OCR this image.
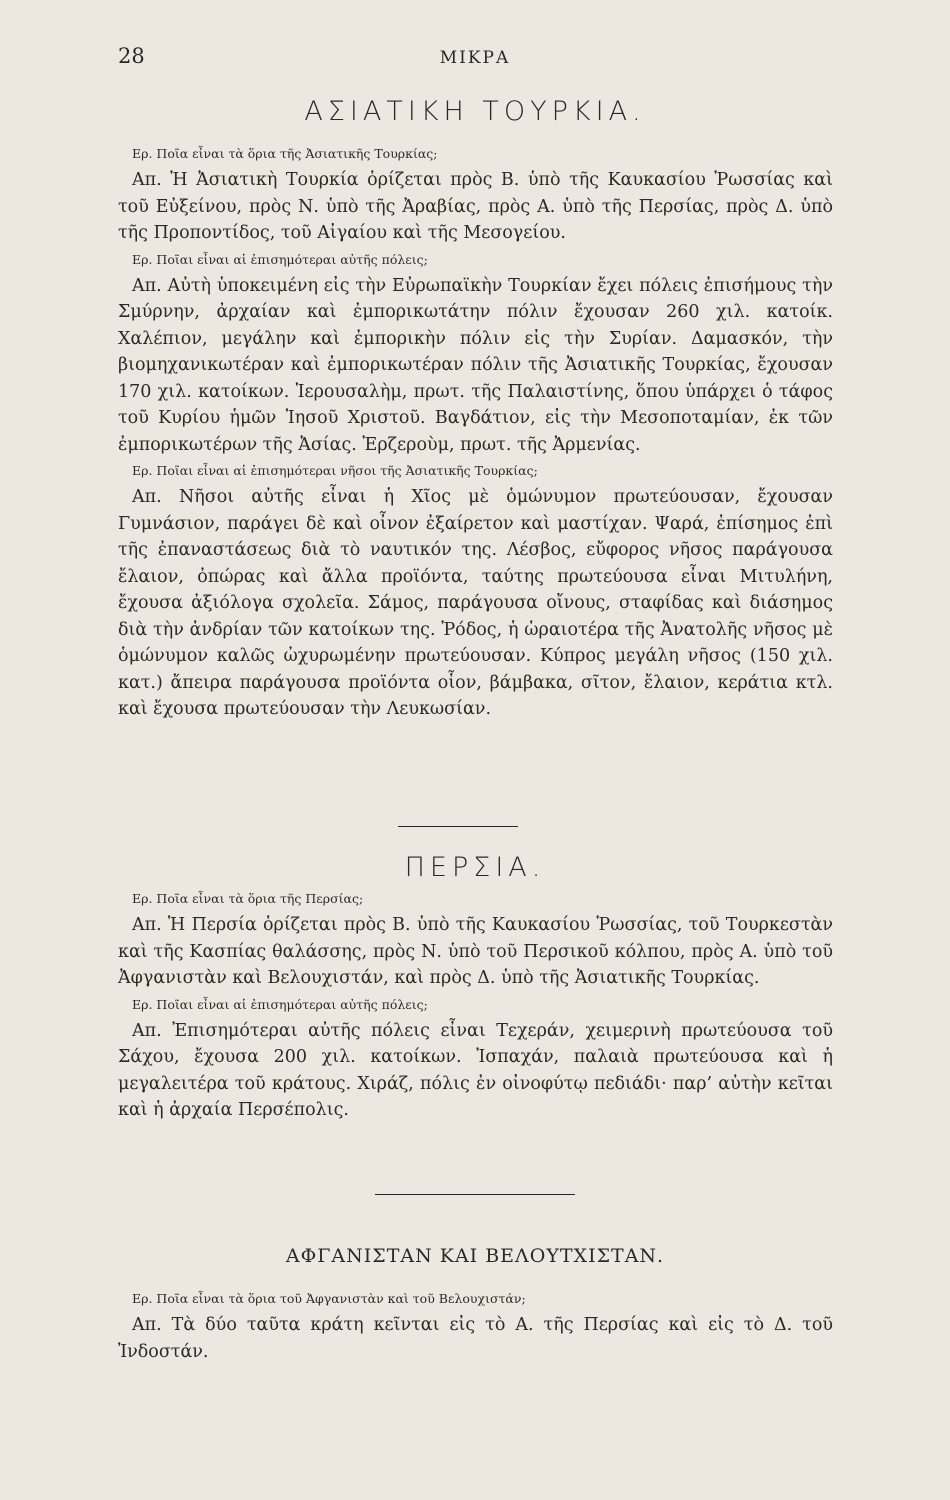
28	ΜΙΚΡΑ
ΑΣΙΑΤΙΚΗ ΤΟΥΡΚΙΑ.

Ερ. Ποῖα εἶναι τὰ ὅρια τῆς Ἀσιατικῆς Τουρκίας;

Απ. Ἡ Ἀσιατικὴ Τουρκία ὁρίζεται πρὸς Β. ὑπὸ τῆς Καυκασίου Ῥωσσίας καὶ τοῦ Εὐξείνου, πρὸς Ν. ὑπὸ τῆς Ἀραβίας, πρὸς Α. ὑπὸ τῆς Περσίας, πρὸς Δ. ὑπὸ τῆς Προποντίδος, τοῦ Αἰγαίου καὶ τῆς Μεσογείου.

Ερ. Ποῖαι εἶναι αἱ ἐπισημότεραι αὐτῆς πόλεις;

Απ. Αὐτὴ ὑποκειμένη εἰς τὴν Εὐρωπαϊκὴν Τουρκίαν ἔχει πόλεις ἐπισήμους τὴν Σμύρνην, ἀρχαίαν καὶ ἐμπορικωτάτην πόλιν ἔχουσαν 260 χιλ. κατοίκ. Χαλέπιον, μεγάλην καὶ ἐμπορικὴν πόλιν εἰς τὴν Συρίαν. Δαμασκόν, τὴν βιομηχανικωτέραν καὶ ἐμπορικωτέραν πόλιν τῆς Ἀσιατικῆς Τουρκίας, ἔχουσαν 170 χιλ. κατοίκων. Ἱερουσαλὴμ, πρωτ. τῆς Παλαιστίνης, ὅπου ὑπάρχει ὁ τάφος τοῦ Κυρίου ἡμῶν Ἰησοῦ Χριστοῦ. Βαγδάτιον, εἰς τὴν Μεσοποταμίαν, ἐκ τῶν ἐμπορικωτέρων τῆς Ἀσίας. Ἐρζεροὺμ, πρωτ. τῆς Ἀρμενίας.

Ερ. Ποῖαι εἶναι αἱ ἐπισημότεραι νῆσοι τῆς Ἀσιατικῆς Τουρκίας;

Απ. Νῆσοι αὐτῆς εἶναι ἡ Χῖος μὲ ὁμώνυμον πρωτεύουσαν, ἔχουσαν Γυμνάσιον, παράγει δὲ καὶ οἶνον ἐξαίρετον καὶ μαστίχαν. Ψαρά, ἐπίσημος ἐπὶ τῆς ἐπαναστάσεως διὰ τὸ ναυτικόν της. Λέσβος, εὔφορος νῆσος παράγουσα ἔλαιον, ὀπώρας καὶ ἄλλα προϊόντα, ταύτης πρωτεύουσα εἶναι Μιτυλήνη, ἔχουσα ἀξιόλογα σχολεῖα. Σάμος, παράγουσα οἴνους, σταφίδας καὶ διάσημος διὰ τὴν ἀνδρίαν τῶν κατοίκων της. Ῥόδος, ἡ ὡραιοτέρα τῆς Ἀνατολῆς νῆσος μὲ ὁμώνυμον καλῶς ὠχυρωμένην πρωτεύουσαν. Κύπρος μεγάλη νῆσος (150 χιλ. κατ.) ἄπειρα παράγουσα προϊόντα οἷον, βάμβακα, σῖτον, ἔλαιον, κεράτια κτλ. καὶ ἔχουσα πρωτεύουσαν τὴν Λευκωσίαν.

ΠΕΡΣΙΑ.

Ερ. Ποῖα εἶναι τὰ ὅρια τῆς Περσίας;

Απ. Ἡ Περσία ὁρίζεται πρὸς Β. ὑπὸ τῆς Καυκασίου Ῥωσσίας, τοῦ Τουρκεστὰν καὶ τῆς Κασπίας θαλάσσης, πρὸς Ν. ὑπὸ τοῦ Περσικοῦ κόλπου, πρὸς Α. ὑπὸ τοῦ Ἀφγανιστὰν καὶ Βελουχιστάν, καὶ πρὸς Δ. ὑπὸ τῆς Ἀσιατικῆς Τουρκίας.

Ερ. Ποῖαι εἶναι αἱ ἐπισημότεραι αὐτῆς πόλεις;

Απ. Ἐπισημότεραι αὐτῆς πόλεις εἶναι Τεχεράν, χειμερινὴ πρωτεύουσα τοῦ Σάχου, ἔχουσα 200 χιλ. κατοίκων. Ἰσπαχάν, παλαιὰ πρωτεύουσα καὶ ἡ μεγαλειτέρα τοῦ κράτους. Χιράζ, πόλις ἐν οἰνοφύτῳ πεδιάδι· παρ’ αὐτὴν κεῖται καὶ ἡ ἀρχαία Περσέπολις.

ΑΦΓΑΝΙΣΤΑΝ ΚΑΙ ΒΕΛΟΥΤΧΙΣΤΑΝ.

Ερ. Ποῖα εἶναι τὰ ὅρια τοῦ Ἀφγανιστὰν καὶ τοῦ Βελουχιστάν;

Απ. Τὰ δύο ταῦτα κράτη κεῖνται εἰς τὸ Α. τῆς Περσίας καὶ εἰς τὸ Δ. τοῦ Ἰνδοστάν.
